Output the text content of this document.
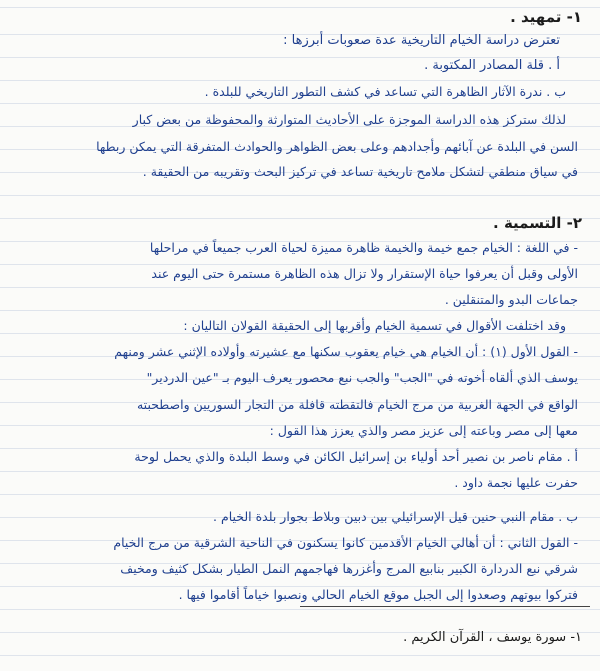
١- تمهيد .
تعترض دراسة الخيام التاريخية عدة صعوبات أبرزها :
أ . قلة المصادر المكتوبة .
ب . ندرة الآثار الظاهرة التي تساعد في كشف التطور التاريخي للبلدة .
لذلك ستركز هذه الدراسة الموجزة على الأحاديث المتوارثة والمحفوظة من بعض كبار
السن في البلدة عن آبائهم وأجدادهم وعلى بعض الظواهر والحوادث المتفرقة التي يمكن ربطها
في سياق منطقي لتشكل ملامح تاريخية تساعد في تركيز البحث وتقريبه من الحقيقة .
٢- التسمية .
- في اللغة : الخيام جمع خيمة والخيمة ظاهرة مميزة لحياة العرب جميعاً في مراحلها
الأولى وقبل أن يعرفوا حياة الإستقرار ولا تزال هذه الظاهرة مستمرة حتى اليوم عند
جماعات البدو والمتنقلين .
وقد اختلفت الأقوال في تسمية الخيام وأقربها إلى الحقيقة القولان التاليان :
- القول الأول (١) : أن الخيام هي خيام يعقوب سكنها مع عشيرته وأولاده الإثني عشر ومنهم
يوسف الذي ألقاه أخوته في "الجب" والجب نبع محصور يعرف اليوم بـ "عين الدردير"
الواقع في الجهة الغربية من مرج الخيام فالتقطته قافلة من التجار السوريين واصطحبته
معها إلى مصر وباعته إلى عزيز مصر والذي يعزز هذا القول :
أ . مقام ناصر بن نصير أحد أولياء بن إسرائيل الكائن في وسط البلدة والذي يحمل لوحة
حفرت عليها نجمة داود .
ب . مقام النبي حنين قيل الإسرائيلي بين دبين وبلاط بجوار بلدة الخيام .
- القول الثاني : أن أهالي الخيام الأقدمين كانوا يسكنون في الناحية الشرقية من مرج الخيام
شرقي نبع الدردارة الكبير بنابيع المرج وأغزرها فهاجمهم النمل الطيار بشكل كثيف ومخيف
فتركوا بيوتهم وصعدوا إلى الجبل موقع الخيام الحالي ونصبوا خياماً أقاموا فيها .
١- سورة يوسف ، القرآن الكريم .
